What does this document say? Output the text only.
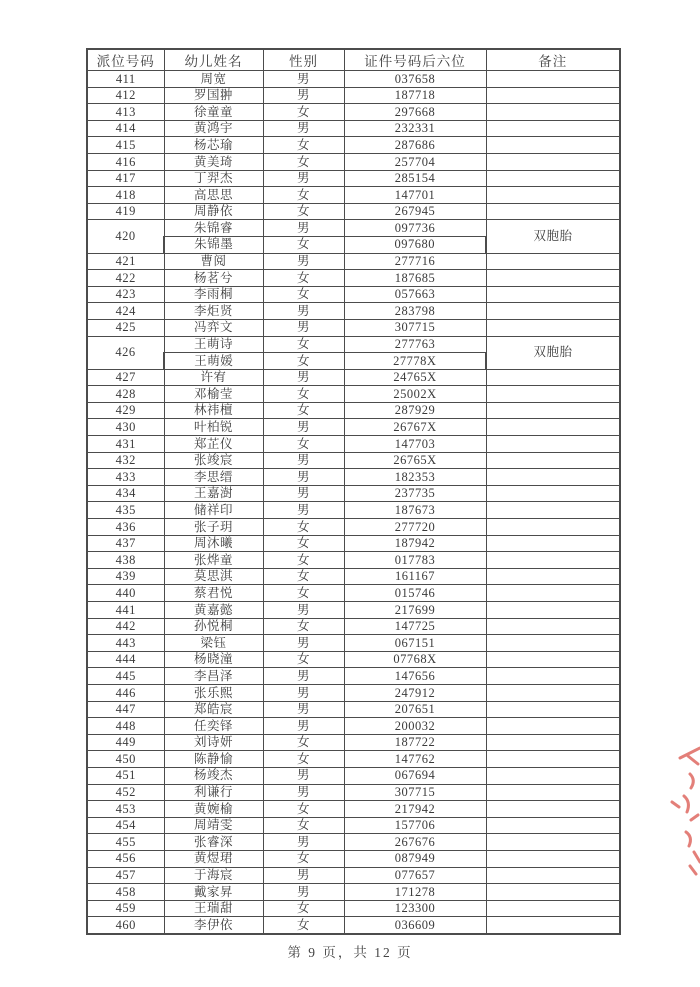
派位号码	幼儿姓名	性别	证件号码后六位	备注
411	周宽	男	037658	
412	罗国翀	男	187718	
413	徐童童	女	297668	
414	黄鸿宇	男	232331	
415	杨芯瑜	女	287686	
416	黄美琦	女	257704	
417	丁羿杰	男	285154	
418	高思思	女	147701	
419	周静依	女	267945	
420	朱锦睿	男	097736	双胞胎
	朱锦墨	女	097680	
421	曹阅	男	277716	
422	杨茗兮	女	187685	
423	李雨桐	女	057663	
424	李炬贤	男	283798	
425	冯弈文	男	307715	
426	王萌诗	女	277763	双胞胎
	王萌媛	女	27778X	
427	许宥	男	24765X	
428	邓榆莹	女	25002X	
429	林祎檀	女	287929	
430	叶柏锐	男	26767X	
431	郑芷仪	女	147703	
432	张竣宸	男	26765X	
433	李思缙	男	182353	
434	王嘉澍	男	237735	
435	储祥印	男	187673	
436	张子玥	女	277720	
437	周沐曦	女	187942	
438	张烨童	女	017783	
439	莫思淇	女	161167	
440	蔡君悦	女	015746	
441	黄嘉懿	男	217699	
442	孙悦桐	女	147725	
443	梁钰	男	067151	
444	杨晓潼	女	07768X	
445	李昌泽	男	147656	
446	张乐熙	男	247912	
447	郑皓宸	男	207651	
448	任奕铎	男	200032	
449	刘诗妍	女	187722	
450	陈静愉	女	147762	
451	杨竣杰	男	067694	
452	利谦行	男	307715	
453	黄婉榆	女	217942	
454	周靖雯	女	157706	
455	张睿深	男	267676	
456	黄煜珺	女	087949	
457	于海宸	男	077657	
458	戴家昇	男	171278	
459	王瑞甜	女	123300	
460	李伊依	女	036609	
第 9 页，共 12 页
